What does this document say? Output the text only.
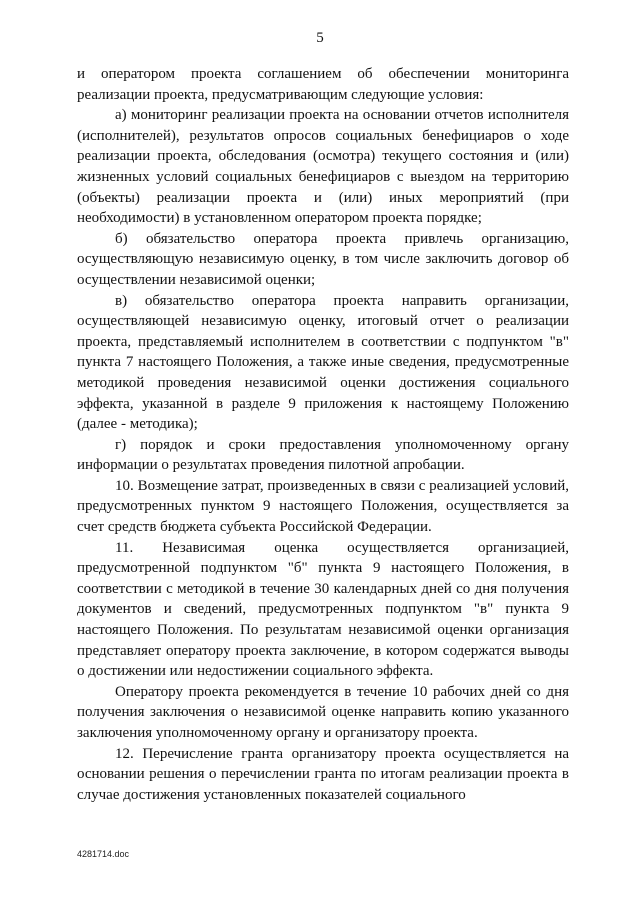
5

и оператором проекта соглашением об обеспечении мониторинга реализации проекта, предусматривающим следующие условия:

а) мониторинг реализации проекта на основании отчетов исполнителя (исполнителей), результатов опросов социальных бенефициаров о ходе реализации проекта, обследования (осмотра) текущего состояния и (или) жизненных условий социальных бенефициаров с выездом на территорию (объекты) реализации проекта и (или) иных мероприятий (при необходимости) в установленном оператором проекта порядке;

б) обязательство оператора проекта привлечь организацию, осуществляющую независимую оценку, в том числе заключить договор об осуществлении независимой оценки;

в) обязательство оператора проекта направить организации, осуществляющей независимую оценку, итоговый отчет о реализации проекта, представляемый исполнителем в соответствии с подпунктом "в" пункта 7 настоящего Положения, а также иные сведения, предусмотренные методикой проведения независимой оценки достижения социального эффекта, указанной в разделе 9 приложения к настоящему Положению (далее - методика);

г) порядок и сроки предоставления уполномоченному органу информации о результатах проведения пилотной апробации.

10. Возмещение затрат, произведенных в связи с реализацией условий, предусмотренных пунктом 9 настоящего Положения, осуществляется за счет средств бюджета субъекта Российской Федерации.

11. Независимая оценка осуществляется организацией, предусмотренной подпунктом "б" пункта 9 настоящего Положения, в соответствии с методикой в течение 30 календарных дней со дня получения документов и сведений, предусмотренных подпунктом "в" пункта 9 настоящего Положения. По результатам независимой оценки организация представляет оператору проекта заключение, в котором содержатся выводы о достижении или недостижении социального эффекта.

Оператору проекта рекомендуется в течение 10 рабочих дней со дня получения заключения о независимой оценке направить копию указанного заключения уполномоченному органу и организатору проекта.

12. Перечисление гранта организатору проекта осуществляется на основании решения о перечислении гранта по итогам реализации проекта в случае достижения установленных показателей социального

4281714.doc
